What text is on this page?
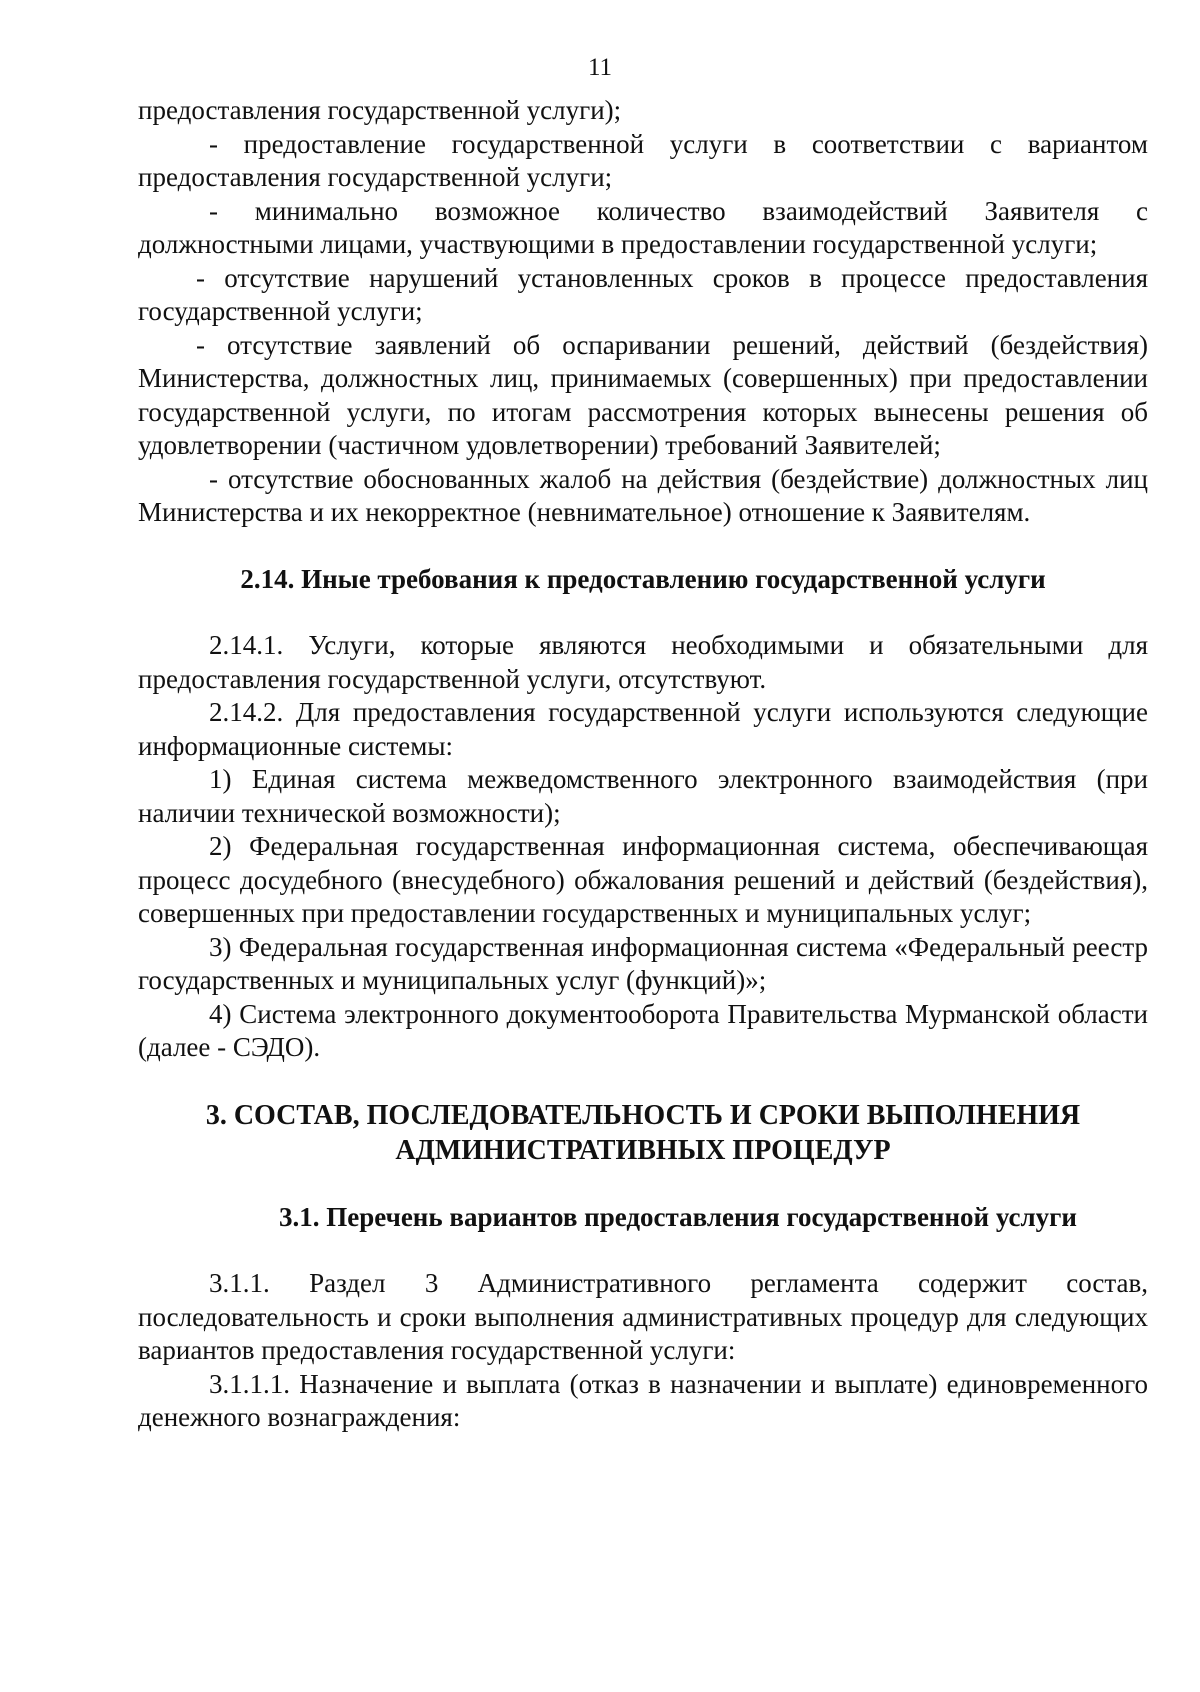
11

предоставления государственной услуги);

- предоставление государственной услуги в соответствии с вариантом предоставления государственной услуги;

- минимально возможное количество взаимодействий Заявителя с должностными лицами, участвующими в предоставлении государственной услуги;

- отсутствие нарушений установленных сроков в процессе предоставления государственной услуги;

- отсутствие заявлений об оспаривании решений, действий (бездействия) Министерства, должностных лиц, принимаемых (совершенных) при предоставлении государственной услуги, по итогам рассмотрения которых вынесены решения об удовлетворении (частичном удовлетворении) требований Заявителей;

- отсутствие обоснованных жалоб на действия (бездействие) должностных лиц Министерства и их некорректное (невнимательное) отношение к Заявителям.

2.14. Иные требования к предоставлению государственной услуги

2.14.1. Услуги, которые являются необходимыми и обязательными для предоставления государственной услуги, отсутствуют.

2.14.2. Для предоставления государственной услуги используются следующие информационные системы:

1) Единая система межведомственного электронного взаимодействия (при наличии технической возможности);

2) Федеральная государственная информационная система, обеспечивающая процесс досудебного (внесудебного) обжалования решений и действий (бездействия), совершенных при предоставлении государственных и муниципальных услуг;

3) Федеральная государственная информационная система «Федеральный реестр государственных и муниципальных услуг (функций)»;

4) Система электронного документооборота Правительства Мурманской области (далее - СЭДО).

3. СОСТАВ, ПОСЛЕДОВАТЕЛЬНОСТЬ И СРОКИ ВЫПОЛНЕНИЯ
АДМИНИСТРАТИВНЫХ ПРОЦЕДУР
3.1. Перечень вариантов предоставления государственной услуги

3.1.1. Раздел 3 Административного регламента содержит состав, последовательность и сроки выполнения административных процедур для следующих вариантов предоставления государственной услуги:

3.1.1.1. Назначение и выплата (отказ в назначении и выплате) единовременного денежного вознаграждения:
